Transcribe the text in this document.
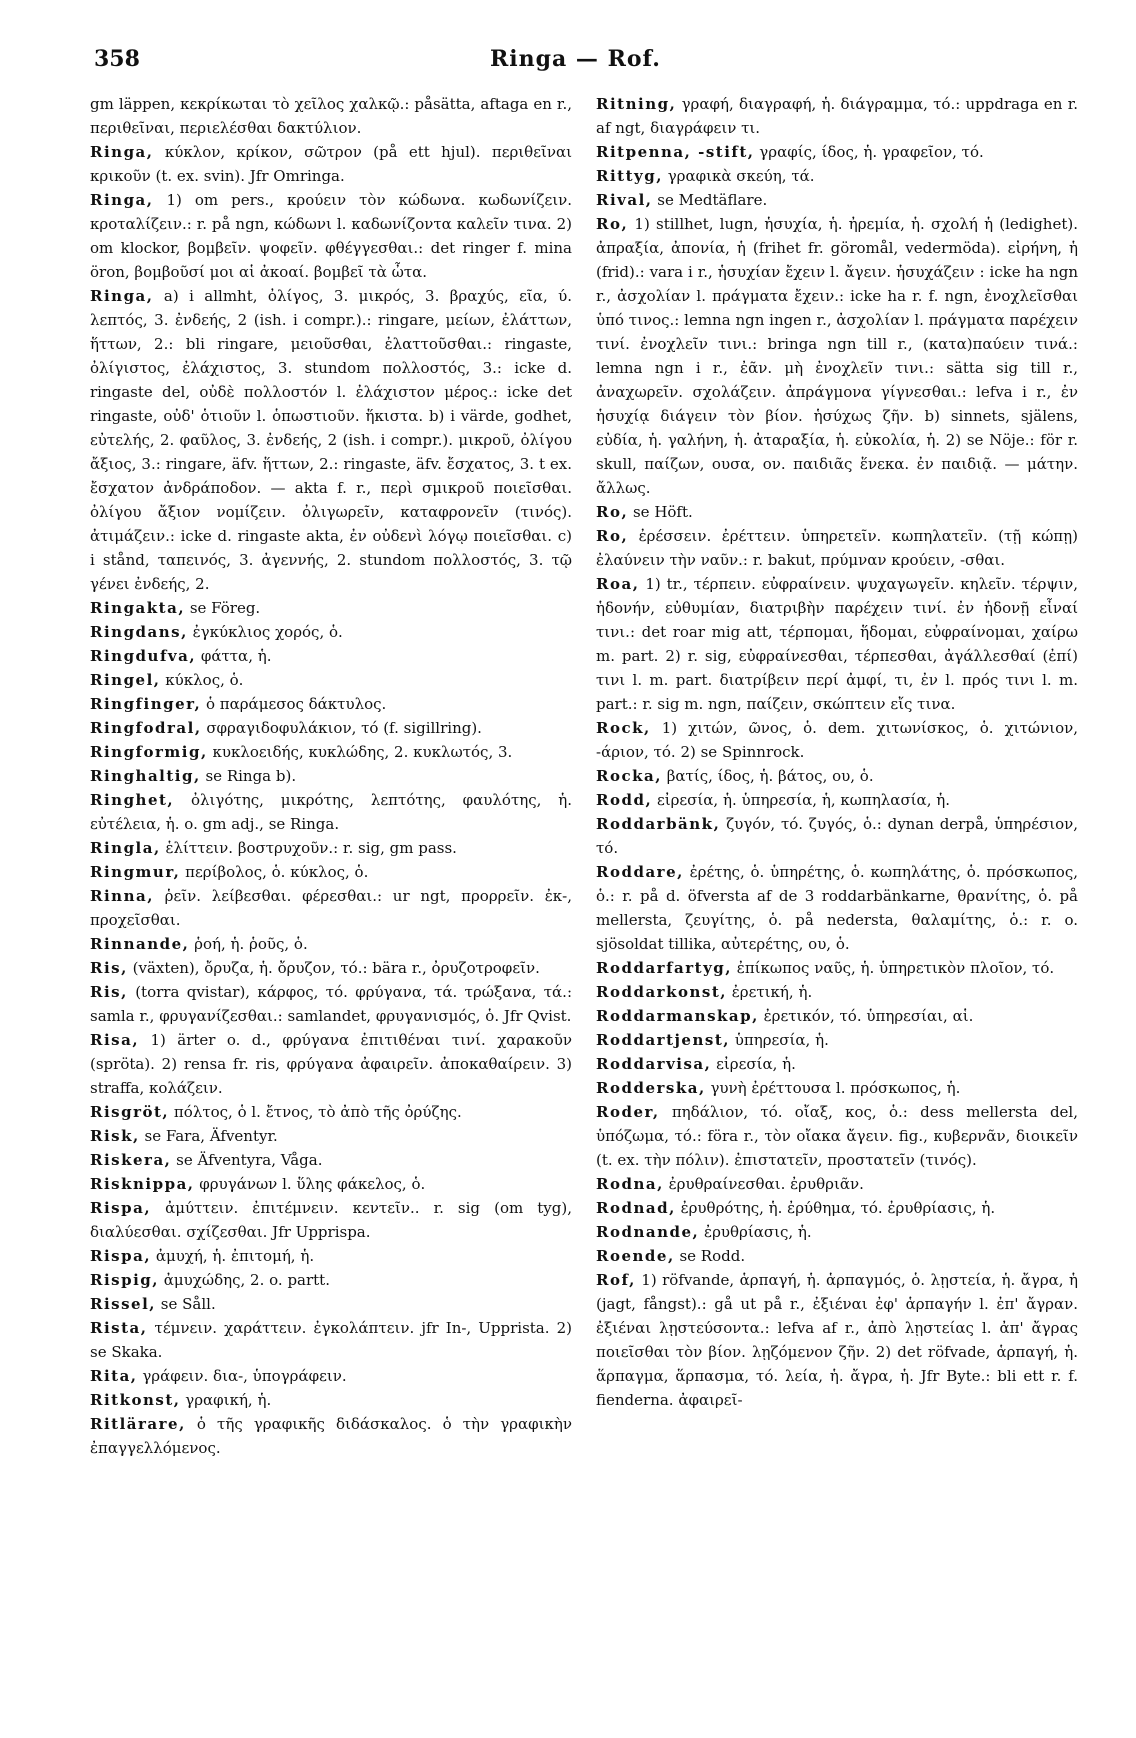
358	Ringa — Rof.

gm läppen, κεκρίκωται τὸ χεῖλος χαλκῷ.: påsätta, aftaga en r., περιθεῖναι, περιελέσθαι δακτύλιον.

Ringa, κύκλον, κρίκον, σῶτρον (på ett hjul). περιθεῖναι κρικοῦν (t. ex. svin). Jfr Omringa.

Ringa, 1) om pers., κρούειν τὸν κώδωνα. κωδωνίζειν. κροταλίζειν.: r. på ngn, κώδωνι l. καδωνίζοντα καλεῖν τινα. 2) om klockor, βομβεῖν. ψοφεῖν. φθέγγεσθαι.: det ringer f. mina öron, βομβοῦσί μοι αἱ ἀκοαί. βομβεῖ τὰ ὦτα.

Ringa, a) i allmht, ὀλίγος, 3. μικρός, 3. βραχύς, εῖα, ύ. λεπτός, 3. ἐνδεής, 2 (ish. i compr.).: ringare, μείων, ἐλάττων, ἥττων, 2.: bli ringare, μειοῦσθαι, ἐλαττοῦσθαι.: ringaste, ὀλίγιστος, ἐλάχιστος, 3. stundom πολλοστός, 3.: icke d. ringaste del, οὐδὲ πολλοστόν l. ἐλάχιστον μέρος.: icke det ringaste, οὐδ' ὁτιοῦν l. ὁπωστιοῦν. ἥκιστα. b) i värde, godhet, εὐτελής, 2. φαῦλος, 3. ἐνδεής, 2 (ish. i compr.). μικροῦ, ὀλίγου ἄξιος, 3.: ringare, äfv. ἥττων, 2.: ringaste, äfv. ἔσχατος, 3. t ex. ἔσχατον ἀνδράποδον. — akta f. r., περὶ σμικροῦ ποιεῖσθαι. ὀλίγου ἄξιον νομίζειν. ὀλιγωρεῖν, καταφρονεῖν (τινός). ἀτιμάζειν.: icke d. ringaste akta, ἐν οὐδενὶ λόγῳ ποιεῖσθαι. c) i stånd, ταπεινός, 3. ἀγεννής, 2. stundom πολλοστός, 3. τῷ γένει ἐνδεής, 2.

Ringakta, se Föreg.

Ringdans, ἐγκύκλιος χορός, ὁ.

Ringdufva, φάττα, ἡ.

Ringel, κύκλος, ὁ.

Ringfinger, ὁ παράμεσος δάκτυλος.

Ringfodral, σφραγιδοφυλάκιον, τό (f. sigillring).

Ringformig, κυκλοειδής, κυκλώδης, 2. κυκλωτός, 3.

Ringhaltig, se Ringa b).

Ringhet, ὀλιγότης, μικρότης, λεπτότης, φαυλότης, ἡ. εὐτέλεια, ἡ. o. gm adj., se Ringa.

Ringla, ἑλίττειν. βοστρυχοῦν.: r. sig, gm pass.

Ringmur, περίβολος, ὁ. κύκλος, ὁ.

Rinna, ῥεῖν. λείβεσθαι. φέρεσθαι.: ur ngt, προρρεῖν. ἐκ-, προχεῖσθαι.

Rinnande, ῥοή, ἡ. ῥοῦς, ὁ.

Ris, (växten), ὄρυζα, ἡ. ὄρυζον, τό.: bära r., ὀρυζοτροφεῖν.

Ris, (torra qvistar), κάρφος, τό. φρύγανα, τά. τρώξανα, τά.: samla r., φρυγανίζεσθαι.: samlandet, φρυγανισμός, ὁ. Jfr Qvist.

Risa, 1) ärter o. d., φρύγανα ἐπιτιθέναι τινί. χαρακοῦν (spröta). 2) rensa fr. ris, φρύγανα ἀφαιρεῖν. ἀποκαθαίρειν. 3) straffa, κολάζειν.

Risgröt, πόλτος, ὁ l. ἔτνος, τὸ ἀπὸ τῆς ὀρύζης.

Risk, se Fara, Äfventyr.

Riskera, se Äfventyra, Våga.

Risknippa, φρυγάνων l. ὕλης φάκελος, ὁ.

Rispa, ἀμύττειν. ἐπιτέμνειν. κεντεῖν.. r. sig (om tyg), διαλύεσθαι. σχίζεσθαι. Jfr Upprispa.

Rispa, ἀμυχή, ἡ. ἐπιτομή, ἡ.

Rispig, ἀμυχώδης, 2. o. partt.

Rissel, se Såll.

Rista, τέμνειν. χαράττειν. ἐγκολάπτειν. jfr In-, Upprista. 2) se Skaka.

Rita, γράφειν. δια-, ὑπογράφειν.

Ritkonst, γραφική, ἡ.

Ritlärare, ὁ τῆς γραφικῆς διδάσκαλος. ὁ τὴν γραφικὴν ἐπαγγελλόμενος.

Ritning, γραφή, διαγραφή, ἡ. διάγραμμα, τό.: uppdraga en r. af ngt, διαγράφειν τι.

Ritpenna, -stift, γραφίς, ίδος, ἡ. γραφεῖον, τό.

Rittyg, γραφικὰ σκεύη, τά.

Rival, se Medtäflare.

Ro, 1) stillhet, lugn, ἡσυχία, ἡ. ἠρεμία, ἡ. σχολή ἡ (ledighet). ἀπραξία, ἀπονία, ἡ (frihet fr. göromål, vedermöda). εἰρήνη, ἡ (frid).: vara i r., ἡσυχίαν ἔχειν l. ἄγειν. ἡσυχάζειν : icke ha ngn r., ἀσχολίαν l. πράγματα ἔχειν.: icke ha r. f. ngn, ἐνοχλεῖσθαι ὑπό τινος.: lemna ngn ingen r., ἀσχολίαν l. πράγματα παρέχειν τινί. ἐνοχλεῖν τινι.: bringa ngn till r., (κατα)παύειν τινά.: lemna ngn i r., ἐᾶν. μὴ ἐνοχλεῖν τινι.: sätta sig till r., ἀναχωρεῖν. σχολάζειν. ἀπράγμονα γίγνεσθαι.: lefva i r., ἐν ἡσυχίᾳ διάγειν τὸν βίον. ἡσύχως ζῆν. b) sinnets, själens, εὐδία, ἡ. γαλήνη, ἡ. ἀταραξία, ἡ. εὐκολία, ἡ. 2) se Nöje.: för r. skull, παίζων, ουσα, ον. παιδιᾶς ἕνεκα. ἐν παιδιᾷ. — μάτην. ἄλλως.

Ro, se Höft.

Ro, ἐρέσσειν. ἐρέττειν. ὑπηρετεῖν. κωπηλατεῖν. (τῇ κώπῃ) ἐλαύνειν τὴν ναῦν.: r. bakut, πρύμναν κρούειν, -σθαι.

Roa, 1) tr., τέρπειν. εὐφραίνειν. ψυχαγωγεῖν. κηλεῖν. τέρψιν, ἡδονήν, εὐθυμίαν, διατριβὴν παρέχειν τινί. ἐν ἡδονῇ εἶναί τινι.: det roar mig att, τέρπομαι, ἥδομαι, εὐφραίνομαι, χαίρω m. part. 2) r. sig, εὐφραίνεσθαι, τέρπεσθαι, ἀγάλλεσθαί (ἐπί) τινι l. m. part. διατρίβειν περί ἀμφί, τι, ἐν l. πρός τινι l. m. part.: r. sig m. ngn, παίζειν, σκώπτειν εἴς τινα.

Rock, 1) χιτών, ῶνος, ὁ. dem. χιτωνίσκος, ὁ. χιτώνιον, -άριον, τό. 2) se Spinnrock.

Rocka, βατίς, ίδος, ἡ. βάτος, ου, ὁ.

Rodd, εἰρεσία, ἡ. ὑπηρεσία, ἡ, κωπηλασία, ἡ.

Roddarbänk, ζυγόν, τό. ζυγός, ὁ.: dynan derpå, ὑπηρέσιον, τό.

Roddare, ἐρέτης, ὁ. ὑπηρέτης, ὁ. κωπηλάτης, ὁ. πρόσκωπος, ὁ.: r. på d. öfversta af de 3 roddarbänkarne, θρανίτης, ὁ. på mellersta, ζευγίτης, ὁ. på nedersta, θαλαμίτης, ὁ.: r. o. sjösoldat tillika, αὐτερέτης, ου, ὁ.

Roddarfartyg, ἐπίκωπος ναῦς, ἡ. ὑπηρετικὸν πλοῖον, τό.

Roddarkonst, ἐρετική, ἡ.

Roddarmanskap, ἐρετικόν, τό. ὑπηρεσίαι, αἱ.

Roddartjenst, ὑπηρεσία, ἡ.

Roddarvisa, εἰρεσία, ἡ.

Rodderska, γυνὴ ἐρέττουσα l. πρόσκωπος, ἡ.

Roder, πηδάλιον, τό. οἴαξ, κος, ὁ.: dess mellersta del, ὑπόζωμα, τό.: föra r., τὸν οἴακα ἄγειν. fig., κυβερνᾶν, διοικεῖν (t. ex. τὴν πόλιν). ἐπιστατεῖν, προστατεῖν (τινός).

Rodna, ἐρυθραίνεσθαι. ἐρυθριᾶν.

Rodnad, ἐρυθρότης, ἡ. ἐρύθημα, τό. ἐρυθρίασις, ἡ.

Rodnande, ἐρυθρίασις, ἡ.

Roende, se Rodd.

Rof, 1) röfvande, ἁρπαγή, ἡ. ἁρπαγμός, ὁ. λῃστεία, ἡ. ἄγρα, ἡ (jagt, fångst).: gå ut på r., ἐξιέναι ἐφ' ἁρπαγήν l. ἐπ' ἄγραν. ἐξιέναι λῃστεύσοντα.: lefva af r., ἀπὸ λῃστείας l. ἀπ' ἄγρας ποιεῖσθαι τὸν βίον. λῃζόμενον ζῆν. 2) det röfvade, ἁρπαγή, ἡ. ἅρπαγμα, ἅρπασμα, τό. λεία, ἡ. ἄγρα, ἡ. Jfr Byte.: bli ett r. f. fienderna. ἀφαιρεῖ-
